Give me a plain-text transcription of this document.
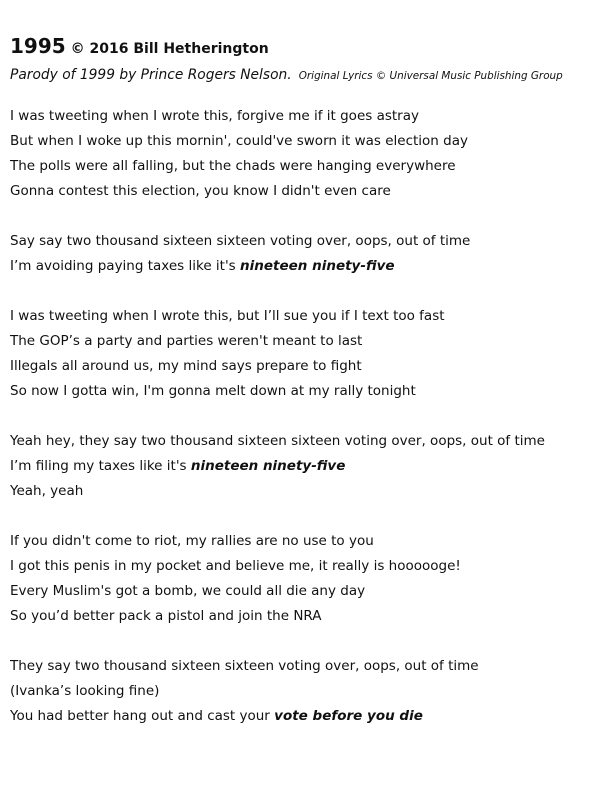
1995 © 2016 Bill Hetherington
Parody of 1999 by Prince Rogers Nelson. Original Lyrics © Universal Music Publishing Group
I was tweeting when I wrote this, forgive me if it goes astray
But when I woke up this mornin', could've sworn it was election day
The polls were all falling, but the chads were hanging everywhere
Gonna contest this election, you know I didn't even care
Say say two thousand sixteen sixteen voting over, oops, out of time
I’m avoiding paying taxes like it's nineteen ninety-five
I was tweeting when I wrote this, but I’ll sue you if I text too fast
The GOP’s a party and parties weren't meant to last
Illegals all around us, my mind says prepare to fight
So now I gotta win, I'm gonna melt down at my rally tonight
Yeah hey, they say two thousand sixteen sixteen voting over, oops, out of time
I’m filing my taxes like it's nineteen ninety-five
Yeah, yeah
If you didn't come to riot, my rallies are no use to you
I got this penis in my pocket and believe me, it really is hoooooge!
Every Muslim's got a bomb, we could all die any day
So you’d better pack a pistol and join the NRA
They say two thousand sixteen sixteen voting over, oops, out of time
(Ivanka’s looking fine)
You had better hang out and cast your vote before you die
